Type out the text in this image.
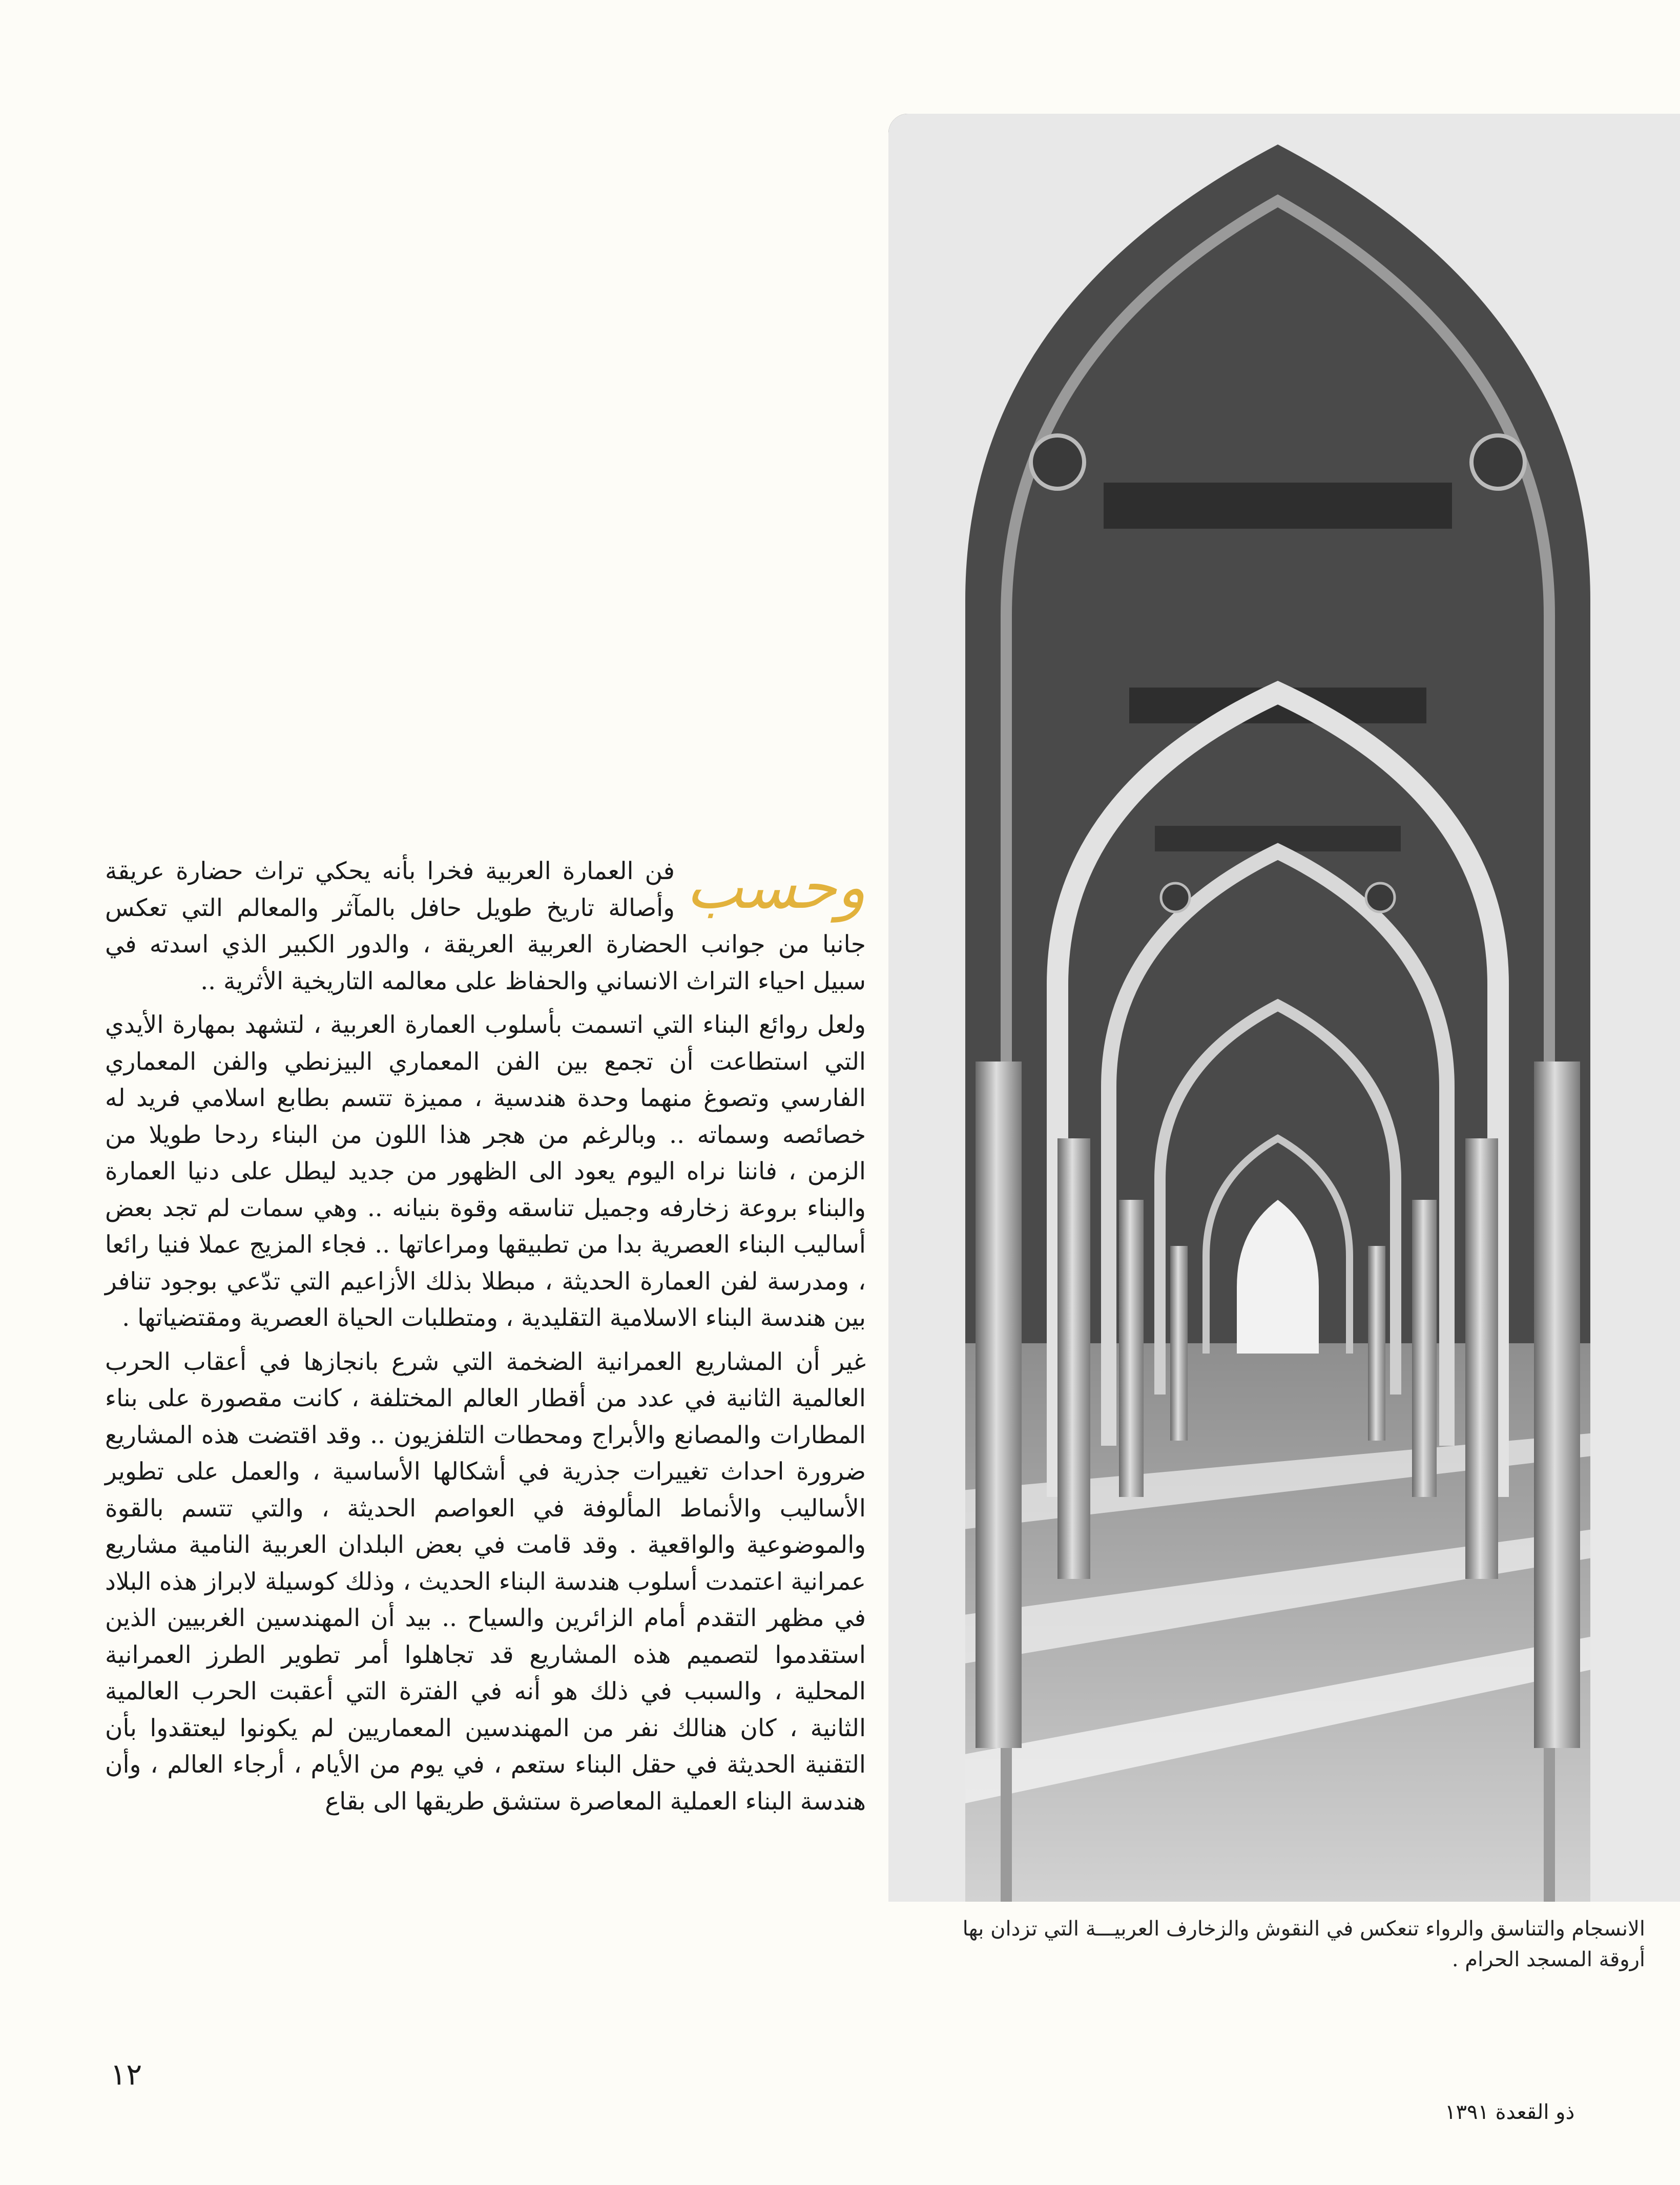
الانسجام والتناسق والرواء تنعكس في النقوش والزخارف العربيـــة التي تزدان بها
أروقة المسجد الحرام .

وحسب
فن العمارة العربية فخرا بأنه يحكي تراث حضارة عريقة وأصالة تاريخ طويل حافل بالمآثر والمعالم التي تعكس جانبا من جوانب الحضارة العربية العريقة ، والدور الكبير الذي اسدته في سبيل احياء التراث الانساني والحفاظ على معالمه التاريخية الأثرية ..

ولعل روائع البناء التي اتسمت بأسلوب العمارة العربية ، لتشهد بمهارة الأيدي التي استطاعت أن تجمع بين الفن المعماري البيزنطي والفن المعماري الفارسي وتصوغ منهما وحدة هندسية ، مميزة تتسم بطابع اسلامي فريد له خصائصه وسماته .. وبالرغم من هجر هذا اللون من البناء ردحا طويلا من الزمن ، فاننا نراه اليوم يعود الى الظهور من جديد ليطل على دنيا العمارة والبناء بروعة زخارفه وجميل تناسقه وقوة بنيانه .. وهي سمات لم تجد بعض أساليب البناء العصرية بدا من تطبيقها ومراعاتها .. فجاء المزيج عملا فنيا رائعا ، ومدرسة لفن العمارة الحديثة ، مبطلا بذلك الأزاعيم التي تدّعي بوجود تنافر بين هندسة البناء الاسلامية التقليدية ، ومتطلبات الحياة العصرية ومقتضياتها .

غير أن المشاريع العمرانية الضخمة التي شرع بانجازها في أعقاب الحرب العالمية الثانية في عدد من أقطار العالم المختلفة ، كانت مقصورة على بناء المطارات والمصانع والأبراج ومحطات التلفزيون .. وقد اقتضت هذه المشاريع ضرورة احداث تغييرات جذرية في أشكالها الأساسية ، والعمل على تطوير الأساليب والأنماط المألوفة في العواصم الحديثة ، والتي تتسم بالقوة والموضوعية والواقعية . وقد قامت في بعض البلدان العربية النامية مشاريع عمرانية اعتمدت أسلوب هندسة البناء الحديث ، وذلك كوسيلة لابراز هذه البلاد في مظهر التقدم أمام الزائرين والسياح .. بيد أن المهندسين الغربيين الذين استقدموا لتصميم هذه المشاريع قد تجاهلوا أمر تطوير الطرز العمرانية المحلية ، والسبب في ذلك هو أنه في الفترة التي أعقبت الحرب العالمية الثانية ، كان هنالك نفر من المهندسين المعماريين لم يكونوا ليعتقدوا بأن التقنية الحديثة في حقل البناء ستعم ، في يوم من الأيام ، أرجاء العالم ، وأن هندسة البناء العملية المعاصرة ستشق طريقها الى بقاع

١٢
ذو القعدة ١٣٩١
